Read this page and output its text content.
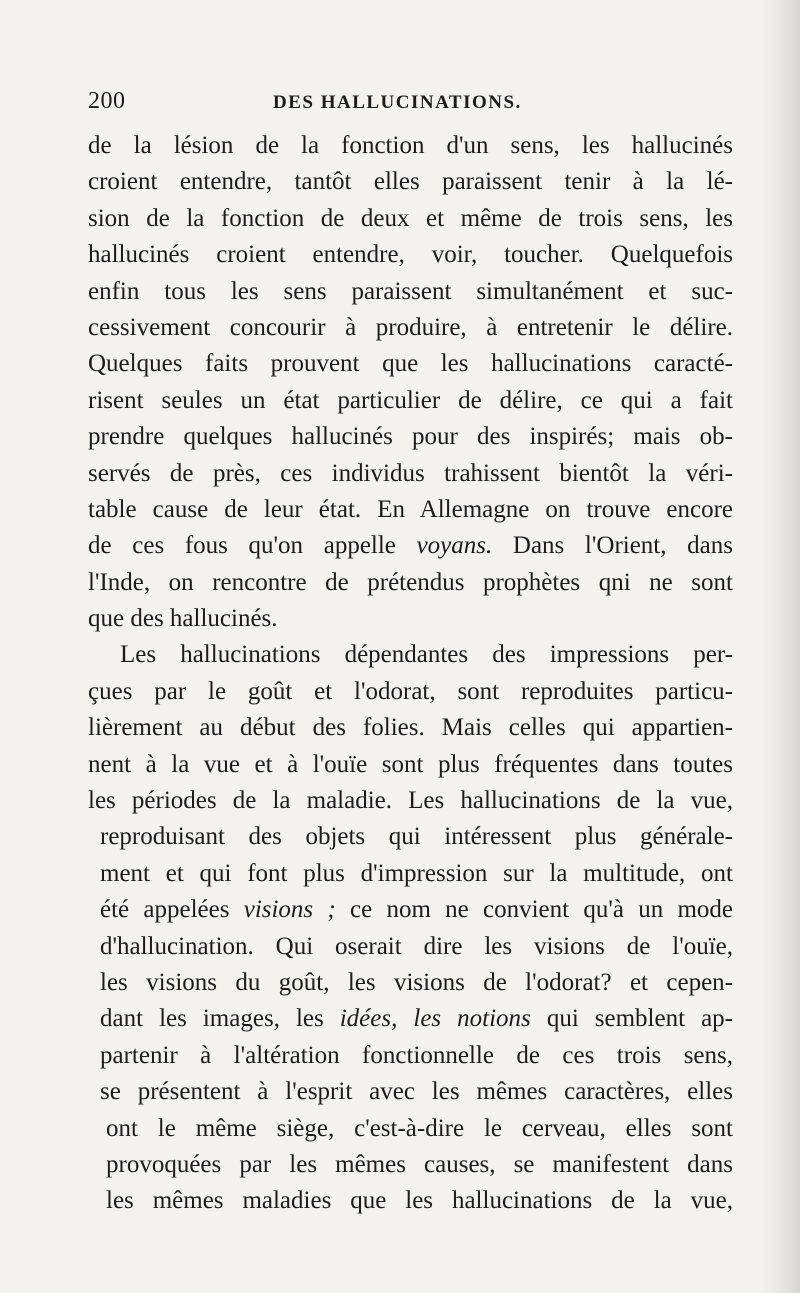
200	DES HALLUCINATIONS.
de la lésion de la fonction d'un sens, les hallucinés
croient entendre, tantôt elles paraissent tenir à la lé-
sion de la fonction de deux et même de trois sens, les
hallucinés croient entendre, voir, toucher. Quelquefois
enfin tous les sens paraissent simultanément et suc-
cessivement concourir à produire, à entretenir le délire.
Quelques faits prouvent que les hallucinations caracté-
risent seules un état particulier de délire, ce qui a fait
prendre quelques hallucinés pour des inspirés; mais ob-
servés de près, ces individus trahissent bientôt la véri-
table cause de leur état. En Allemagne on trouve encore
de ces fous qu'on appelle voyans. Dans l'Orient, dans
l'Inde, on rencontre de prétendus prophètes qni ne sont
que des hallucinés.
Les hallucinations dépendantes des impressions per-
çues par le goût et l'odorat, sont reproduites particu-
lièrement au début des folies. Mais celles qui appartien-
nent à la vue et à l'ouïe sont plus fréquentes dans toutes
les périodes de la maladie. Les hallucinations de la vue,
reproduisant des objets qui intéressent plus générale-
ment et qui font plus d'impression sur la multitude, ont
été appelées visions ; ce nom ne convient qu'à un mode
d'hallucination. Qui oserait dire les visions de l'ouïe,
les visions du goût, les visions de l'odorat? et cepen-
dant les images, les idées, les notions qui semblent ap-
partenir à l'altération fonctionnelle de ces trois sens,
se présentent à l'esprit avec les mêmes caractères, elles
ont le même siège, c'est-à-dire le cerveau, elles sont
provoquées par les mêmes causes, se manifestent dans
les mêmes maladies que les hallucinations de la vue,
